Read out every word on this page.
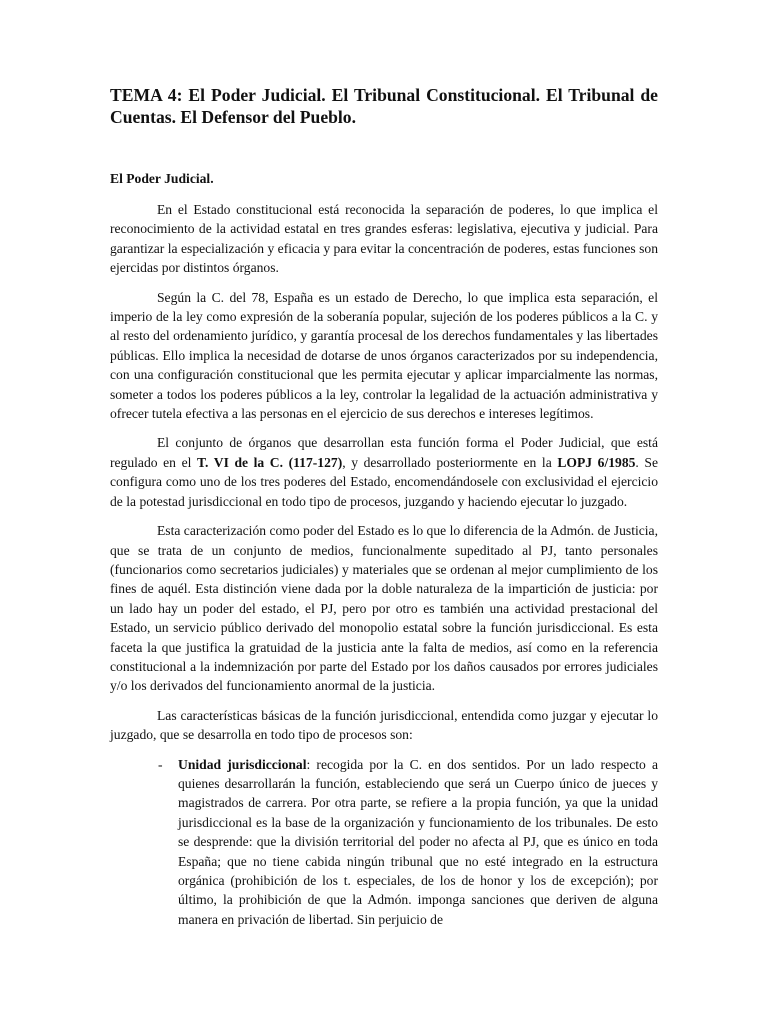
TEMA 4: El Poder Judicial. El Tribunal Constitucional. El Tribunal de Cuentas. El Defensor del Pueblo.
El Poder Judicial.

En el Estado constitucional está reconocida la separación de poderes, lo que implica el reconocimiento de la actividad estatal en tres grandes esferas: legislativa, ejecutiva y judicial. Para garantizar la especialización y eficacia y para evitar la concentración de poderes, estas funciones son ejercidas por distintos órganos.

Según la C. del 78, España es un estado de Derecho, lo que implica esta separación, el imperio de la ley como expresión de la soberanía popular, sujeción de los poderes públicos a la C. y al resto del ordenamiento jurídico, y garantía procesal de los derechos fundamentales y las libertades públicas. Ello implica la necesidad de dotarse de unos órganos caracterizados por su independencia, con una configuración constitucional que les permita ejecutar y aplicar imparcialmente las normas, someter a todos los poderes públicos a la ley, controlar la legalidad de la actuación administrativa y ofrecer tutela efectiva a las personas en el ejercicio de sus derechos e intereses legítimos.

El conjunto de órganos que desarrollan esta función forma el Poder Judicial, que está regulado en el T. VI de la C. (117-127), y desarrollado posteriormente en la LOPJ 6/1985. Se configura como uno de los tres poderes del Estado, encomendándosele con exclusividad el ejercicio de la potestad jurisdiccional en todo tipo de procesos, juzgando y haciendo ejecutar lo juzgado.

Esta caracterización como poder del Estado es lo que lo diferencia de la Admón. de Justicia, que se trata de un conjunto de medios, funcionalmente supeditado al PJ, tanto personales (funcionarios como secretarios judiciales) y materiales que se ordenan al mejor cumplimiento de los fines de aquél. Esta distinción viene dada por la doble naturaleza de la impartición de justicia: por un lado hay un poder del estado, el PJ, pero por otro es también una actividad prestacional del Estado, un servicio público derivado del monopolio estatal sobre la función jurisdiccional. Es esta faceta la que justifica la gratuidad de la justicia ante la falta de medios, así como en la referencia constitucional a la indemnización por parte del Estado por los daños causados por errores judiciales y/o los derivados del funcionamiento anormal de la justicia.

Las características básicas de la función jurisdiccional, entendida como juzgar y ejecutar lo juzgado, que se desarrolla en todo tipo de procesos son:

- Unidad jurisdiccional: recogida por la C. en dos sentidos. Por un lado respecto a quienes desarrollarán la función, estableciendo que será un Cuerpo único de jueces y magistrados de carrera. Por otra parte, se refiere a la propia función, ya que la unidad jurisdiccional es la base de la organización y funcionamiento de los tribunales. De esto se desprende: que la división territorial del poder no afecta al PJ, que es único en toda España; que no tiene cabida ningún tribunal que no esté integrado en la estructura orgánica (prohibición de los t. especiales, de los de honor y los de excepción); por último, la prohibición de que la Admón. imponga sanciones que deriven de alguna manera en privación de libertad. Sin perjuicio de
